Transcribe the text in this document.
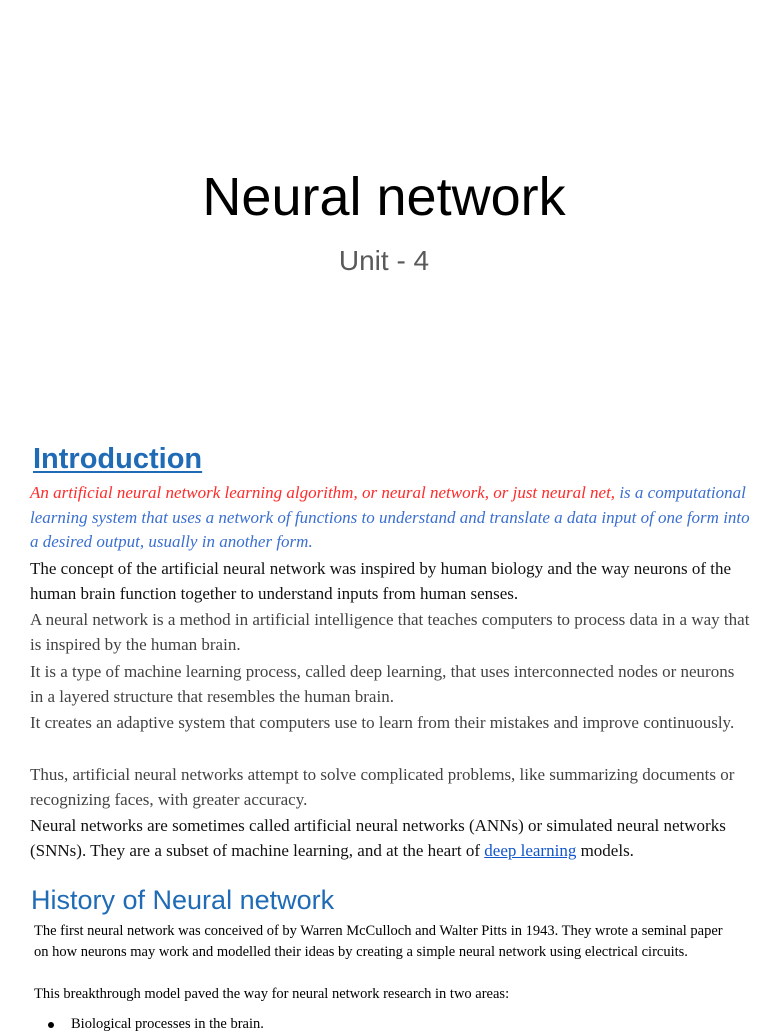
Neural network
Unit - 4
Introduction

An artificial neural network learning algorithm, or neural network, or just neural net, is a computational learning system that uses a network of functions to understand and translate a data input of one form into a desired output, usually in another form.

The concept of the artificial neural network was inspired by human biology and the way neurons of the human brain function together to understand inputs from human senses.

A neural network is a method in artificial intelligence that teaches computers to process data in a way that is inspired by the human brain.

It is a type of machine learning process, called deep learning, that uses interconnected nodes or neurons in a layered structure that resembles the human brain.

It creates an adaptive system that computers use to learn from their mistakes and improve continuously.

Thus, artificial neural networks attempt to solve complicated problems, like summarizing documents or recognizing faces, with greater accuracy.

Neural networks are sometimes called artificial neural networks (ANNs) or simulated neural networks (SNNs). They are a subset of machine learning, and at the heart of deep learning models.

History of Neural network

The first neural network was conceived of by Warren McCulloch and Walter Pitts in 1943. They wrote a seminal paper on how neurons may work and modelled their ideas by creating a simple neural network using electrical circuits.

This breakthrough model paved the way for neural network research in two areas:

Biological processes in the brain.
